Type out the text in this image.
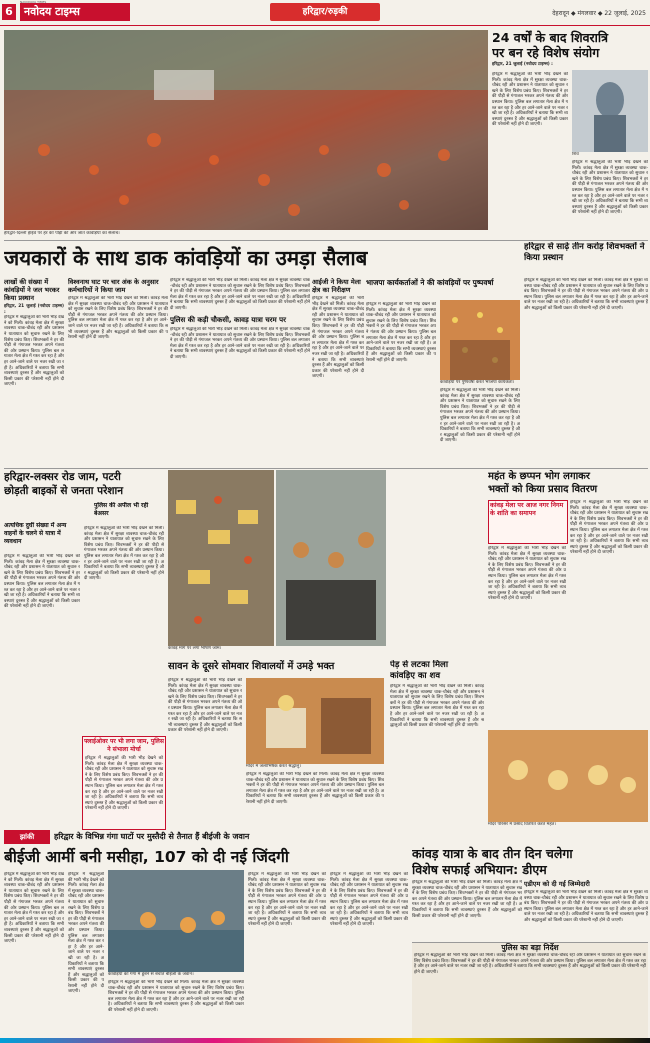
6	नवोदय टाइम्स
NAVODAYA TIMES
हरिद्वार/रुड़की	देहरादून ◆ मंगलवार ◆ 22 जुलाई, 2025
हरिद्वार-दिल्ली हाईवे पर हर की पौड़ी की ओर जाते कांवड़ियों का सैलाब।
24 वर्षों के बाद शिवरात्रि
पर बन रहे विशेष संयोग
हरिद्वार, 21 जुलाई (नवोदय टाइम्स) :
हरिद्वार में श्रद्धालुओं की भारी भीड़ देखने को मिली। कांवड़ मेला क्षेत्र में सुरक्षा व्यवस्था चाक-चौबंद रही और प्रशासन ने यातायात को सुचारु रखने के लिए विशेष प्रबंध किए। शिवभक्तों ने हर की पौड़ी से गंगाजल भरकर अपने गंतव्य की ओर प्रस्थान किया। पुलिस बल लगातार मेला क्षेत्र में गश्त कर रहा है और हर आने-जाने वाले पर नजर रखी जा रही है। अधिकारियों ने बताया कि सभी व्यवस्थाएं दुरुस्त हैं और श्रद्धालुओं को किसी प्रकार की परेशानी नहीं होने दी जाएगी।
शिव
हरिद्वार में श्रद्धालुओं की भारी भीड़ देखने को मिली। कांवड़ मेला क्षेत्र में सुरक्षा व्यवस्था चाक-चौबंद रही और प्रशासन ने यातायात को सुचारु रखने के लिए विशेष प्रबंध किए। शिवभक्तों ने हर की पौड़ी से गंगाजल भरकर अपने गंतव्य की ओर प्रस्थान किया। पुलिस बल लगातार मेला क्षेत्र में गश्त कर रहा है और हर आने-जाने वाले पर नजर रखी जा रही है। अधिकारियों ने बताया कि सभी व्यवस्थाएं दुरुस्त हैं और श्रद्धालुओं को किसी प्रकार की परेशानी नहीं होने दी जाएगी।
जयकारों के साथ डाक कांवड़ियों का उमड़ा सैलाब	हरिद्वार से साढ़े तीन करोड़ शिवभक्तों ने किया प्रस्थान
हरिद्वार में श्रद्धालुओं की भारी भीड़ देखने को मिली। कांवड़ मेला क्षेत्र में सुरक्षा व्यवस्था चाक-चौबंद रही और प्रशासन ने यातायात को सुचारु रखने के लिए विशेष प्रबंध किए। शिवभक्तों ने हर की पौड़ी से गंगाजल भरकर अपने गंतव्य की ओर प्रस्थान किया। पुलिस बल लगातार मेला क्षेत्र में गश्त कर रहा है और हर आने-जाने वाले पर नजर रखी जा रही है। अधिकारियों ने बताया कि सभी व्यवस्थाएं दुरुस्त हैं और श्रद्धालुओं को किसी प्रकार की परेशानी नहीं होने दी जाएगी।
लाखों की संख्या में कांवड़ियों ने जल भरकर किया प्रस्थान
हरिद्वार, 21 जुलाई (नवोदय टाइम्स) :
हरिद्वार में श्रद्धालुओं की भारी भीड़ देखने को मिली। कांवड़ मेला क्षेत्र में सुरक्षा व्यवस्था चाक-चौबंद रही और प्रशासन ने यातायात को सुचारु रखने के लिए विशेष प्रबंध किए। शिवभक्तों ने हर की पौड़ी से गंगाजल भरकर अपने गंतव्य की ओर प्रस्थान किया। पुलिस बल लगातार मेला क्षेत्र में गश्त कर रहा है और हर आने-जाने वाले पर नजर रखी जा रही है। अधिकारियों ने बताया कि सभी व्यवस्थाएं दुरुस्त हैं और श्रद्धालुओं को किसी प्रकार की परेशानी नहीं होने दी जाएगी।
विश्वनाथ घाट पर चार अंक के अनुसार कर्मचारियों ने किया जाम
हरिद्वार में श्रद्धालुओं की भारी भीड़ देखने को मिली। कांवड़ मेला क्षेत्र में सुरक्षा व्यवस्था चाक-चौबंद रही और प्रशासन ने यातायात को सुचारु रखने के लिए विशेष प्रबंध किए। शिवभक्तों ने हर की पौड़ी से गंगाजल भरकर अपने गंतव्य की ओर प्रस्थान किया। पुलिस बल लगातार मेला क्षेत्र में गश्त कर रहा है और हर आने-जाने वाले पर नजर रखी जा रही है। अधिकारियों ने बताया कि सभी व्यवस्थाएं दुरुस्त हैं और श्रद्धालुओं को किसी प्रकार की परेशानी नहीं होने दी जाएगी।
हरिद्वार में श्रद्धालुओं की भारी भीड़ देखने को मिली। कांवड़ मेला क्षेत्र में सुरक्षा व्यवस्था चाक-चौबंद रही और प्रशासन ने यातायात को सुचारु रखने के लिए विशेष प्रबंध किए। शिवभक्तों ने हर की पौड़ी से गंगाजल भरकर अपने गंतव्य की ओर प्रस्थान किया। पुलिस बल लगातार मेला क्षेत्र में गश्त कर रहा है और हर आने-जाने वाले पर नजर रखी जा रही है। अधिकारियों ने बताया कि सभी व्यवस्थाएं दुरुस्त हैं और श्रद्धालुओं को किसी प्रकार की परेशानी नहीं होने दी जाएगी।
पुलिस की कड़ी चौकसी, कावड़ यात्रा चरम पर
हरिद्वार में श्रद्धालुओं की भारी भीड़ देखने को मिली। कांवड़ मेला क्षेत्र में सुरक्षा व्यवस्था चाक-चौबंद रही और प्रशासन ने यातायात को सुचारु रखने के लिए विशेष प्रबंध किए। शिवभक्तों ने हर की पौड़ी से गंगाजल भरकर अपने गंतव्य की ओर प्रस्थान किया। पुलिस बल लगातार मेला क्षेत्र में गश्त कर रहा है और हर आने-जाने वाले पर नजर रखी जा रही है। अधिकारियों ने बताया कि सभी व्यवस्थाएं दुरुस्त हैं और श्रद्धालुओं को किसी प्रकार की परेशानी नहीं होने दी जाएगी।
आईजी ने किया मेला क्षेत्र का निरीक्षण
हरिद्वार में श्रद्धालुओं की भारी भीड़ देखने को मिली। कांवड़ मेला क्षेत्र में सुरक्षा व्यवस्था चाक-चौबंद रही और प्रशासन ने यातायात को सुचारु रखने के लिए विशेष प्रबंध किए। शिवभक्तों ने हर की पौड़ी से गंगाजल भरकर अपने गंतव्य की ओर प्रस्थान किया। पुलिस बल लगातार मेला क्षेत्र में गश्त कर रहा है और हर आने-जाने वाले पर नजर रखी जा रही है। अधिकारियों ने बताया कि सभी व्यवस्थाएं दुरुस्त हैं और श्रद्धालुओं को किसी प्रकार की परेशानी नहीं होने दी जाएगी।
भाजपा कार्यकर्ताओं ने की कांवड़ियों पर पुष्पवर्षा
हरिद्वार में श्रद्धालुओं की भारी भीड़ देखने को मिली। कांवड़ मेला क्षेत्र में सुरक्षा व्यवस्था चाक-चौबंद रही और प्रशासन ने यातायात को सुचारु रखने के लिए विशेष प्रबंध किए। शिवभक्तों ने हर की पौड़ी से गंगाजल भरकर अपने गंतव्य की ओर प्रस्थान किया। पुलिस बल लगातार मेला क्षेत्र में गश्त कर रहा है और हर आने-जाने वाले पर नजर रखी जा रही है। अधिकारियों ने बताया कि सभी व्यवस्थाएं दुरुस्त हैं और श्रद्धालुओं को किसी प्रकार की परेशानी नहीं होने दी जाएगी।
कांवड़ियों पर पुष्पवर्षा करते भाजपा कार्यकर्ता।
हरिद्वार में श्रद्धालुओं की भारी भीड़ देखने को मिली। कांवड़ मेला क्षेत्र में सुरक्षा व्यवस्था चाक-चौबंद रही और प्रशासन ने यातायात को सुचारु रखने के लिए विशेष प्रबंध किए। शिवभक्तों ने हर की पौड़ी से गंगाजल भरकर अपने गंतव्य की ओर प्रस्थान किया। पुलिस बल लगातार मेला क्षेत्र में गश्त कर रहा है और हर आने-जाने वाले पर नजर रखी जा रही है। अधिकारियों ने बताया कि सभी व्यवस्थाएं दुरुस्त हैं और श्रद्धालुओं को किसी प्रकार की परेशानी नहीं होने दी जाएगी।
हरिद्वार-लक्सर रोड जाम, पटरी
छोड़ती बाइकों से जनता परेशान
पुलिस की अपील भी रही बेअसर
अत्यधिक दुर्घी संख्या में अन्य वाहनों के चलने से यात्रा में व्यवधान
हरिद्वार में श्रद्धालुओं की भारी भीड़ देखने को मिली। कांवड़ मेला क्षेत्र में सुरक्षा व्यवस्था चाक-चौबंद रही और प्रशासन ने यातायात को सुचारु रखने के लिए विशेष प्रबंध किए। शिवभक्तों ने हर की पौड़ी से गंगाजल भरकर अपने गंतव्य की ओर प्रस्थान किया। पुलिस बल लगातार मेला क्षेत्र में गश्त कर रहा है और हर आने-जाने वाले पर नजर रखी जा रही है। अधिकारियों ने बताया कि सभी व्यवस्थाएं दुरुस्त हैं और श्रद्धालुओं को किसी प्रकार की परेशानी नहीं होने दी जाएगी।
हरिद्वार में श्रद्धालुओं की भारी भीड़ देखने को मिली। कांवड़ मेला क्षेत्र में सुरक्षा व्यवस्था चाक-चौबंद रही और प्रशासन ने यातायात को सुचारु रखने के लिए विशेष प्रबंध किए। शिवभक्तों ने हर की पौड़ी से गंगाजल भरकर अपने गंतव्य की ओर प्रस्थान किया। पुलिस बल लगातार मेला क्षेत्र में गश्त कर रहा है और हर आने-जाने वाले पर नजर रखी जा रही है। अधिकारियों ने बताया कि सभी व्यवस्थाएं दुरुस्त हैं और श्रद्धालुओं को किसी प्रकार की परेशानी नहीं होने दी जाएगी।
कांवड़ मार्ग पर लगा भीषण जाम।
महंत के छप्पन भोग लगाकर
भक्तों को किया प्रसाद वितरण
कांवड़ मेला पर आज नगर निगम के शांति का समापन
हरिद्वार में श्रद्धालुओं की भारी भीड़ देखने को मिली। कांवड़ मेला क्षेत्र में सुरक्षा व्यवस्था चाक-चौबंद रही और प्रशासन ने यातायात को सुचारु रखने के लिए विशेष प्रबंध किए। शिवभक्तों ने हर की पौड़ी से गंगाजल भरकर अपने गंतव्य की ओर प्रस्थान किया। पुलिस बल लगातार मेला क्षेत्र में गश्त कर रहा है और हर आने-जाने वाले पर नजर रखी जा रही है। अधिकारियों ने बताया कि सभी व्यवस्थाएं दुरुस्त हैं और श्रद्धालुओं को किसी प्रकार की परेशानी नहीं होने दी जाएगी।
हरिद्वार में श्रद्धालुओं की भारी भीड़ देखने को मिली। कांवड़ मेला क्षेत्र में सुरक्षा व्यवस्था चाक-चौबंद रही और प्रशासन ने यातायात को सुचारु रखने के लिए विशेष प्रबंध किए। शिवभक्तों ने हर की पौड़ी से गंगाजल भरकर अपने गंतव्य की ओर प्रस्थान किया। पुलिस बल लगातार मेला क्षेत्र में गश्त कर रहा है और हर आने-जाने वाले पर नजर रखी जा रही है। अधिकारियों ने बताया कि सभी व्यवस्थाएं दुरुस्त हैं और श्रद्धालुओं को किसी प्रकार की परेशानी नहीं होने दी जाएगी।
सावन के दूसरे सोमवार शिवालयों में उमड़े भक्त
मंदिर में जलाभिषेक करते श्रद्धालु।
हरिद्वार में श्रद्धालुओं की भारी भीड़ देखने को मिली। कांवड़ मेला क्षेत्र में सुरक्षा व्यवस्था चाक-चौबंद रही और प्रशासन ने यातायात को सुचारु रखने के लिए विशेष प्रबंध किए। शिवभक्तों ने हर की पौड़ी से गंगाजल भरकर अपने गंतव्य की ओर प्रस्थान किया। पुलिस बल लगातार मेला क्षेत्र में गश्त कर रहा है और हर आने-जाने वाले पर नजर रखी जा रही है। अधिकारियों ने बताया कि सभी व्यवस्थाएं दुरुस्त हैं और श्रद्धालुओं को किसी प्रकार की परेशानी नहीं होने दी जाएगी।
हरिद्वार में श्रद्धालुओं की भारी भीड़ देखने को मिली। कांवड़ मेला क्षेत्र में सुरक्षा व्यवस्था चाक-चौबंद रही और प्रशासन ने यातायात को सुचारु रखने के लिए विशेष प्रबंध किए। शिवभक्तों ने हर की पौड़ी से गंगाजल भरकर अपने गंतव्य की ओर प्रस्थान किया। पुलिस बल लगातार मेला क्षेत्र में गश्त कर रहा है और हर आने-जाने वाले पर नजर रखी जा रही है। अधिकारियों ने बताया कि सभी व्यवस्थाएं दुरुस्त हैं और श्रद्धालुओं को किसी प्रकार की परेशानी नहीं होने दी जाएगी।
फ्लाईओवर पर भी लगा जाम, पुलिस ने संभाला मोर्चा
हरिद्वार में श्रद्धालुओं की भारी भीड़ देखने को मिली। कांवड़ मेला क्षेत्र में सुरक्षा व्यवस्था चाक-चौबंद रही और प्रशासन ने यातायात को सुचारु रखने के लिए विशेष प्रबंध किए। शिवभक्तों ने हर की पौड़ी से गंगाजल भरकर अपने गंतव्य की ओर प्रस्थान किया। पुलिस बल लगातार मेला क्षेत्र में गश्त कर रहा है और हर आने-जाने वाले पर नजर रखी जा रही है। अधिकारियों ने बताया कि सभी व्यवस्थाएं दुरुस्त हैं और श्रद्धालुओं को किसी प्रकार की परेशानी नहीं होने दी जाएगी।
पेड़ से लटका मिला
कांवड़िए का शव
हरिद्वार में श्रद्धालुओं की भारी भीड़ देखने को मिली। कांवड़ मेला क्षेत्र में सुरक्षा व्यवस्था चाक-चौबंद रही और प्रशासन ने यातायात को सुचारु रखने के लिए विशेष प्रबंध किए। शिवभक्तों ने हर की पौड़ी से गंगाजल भरकर अपने गंतव्य की ओर प्रस्थान किया। पुलिस बल लगातार मेला क्षेत्र में गश्त कर रहा है और हर आने-जाने वाले पर नजर रखी जा रही है। अधिकारियों ने बताया कि सभी व्यवस्थाएं दुरुस्त हैं और श्रद्धालुओं को किसी प्रकार की परेशानी नहीं होने दी जाएगी।
मंदिर परिसर में प्रसाद वितरित करते महंत।
झांकी	हरिद्वार के विभिन्न गंगा घाटों पर मुस्तैदी से तैनात हैं बीईजी के जवान
बीईजी आर्मी बनी मसीहा, 107 को दी नई जिंदगी
हरिद्वार में श्रद्धालुओं की भारी भीड़ देखने को मिली। कांवड़ मेला क्षेत्र में सुरक्षा व्यवस्था चाक-चौबंद रही और प्रशासन ने यातायात को सुचारु रखने के लिए विशेष प्रबंध किए। शिवभक्तों ने हर की पौड़ी से गंगाजल भरकर अपने गंतव्य की ओर प्रस्थान किया। पुलिस बल लगातार मेला क्षेत्र में गश्त कर रहा है और हर आने-जाने वाले पर नजर रखी जा रही है। अधिकारियों ने बताया कि सभी व्यवस्थाएं दुरुस्त हैं और श्रद्धालुओं को किसी प्रकार की परेशानी नहीं होने दी जाएगी।
हरिद्वार में श्रद्धालुओं की भारी भीड़ देखने को मिली। कांवड़ मेला क्षेत्र में सुरक्षा व्यवस्था चाक-चौबंद रही और प्रशासन ने यातायात को सुचारु रखने के लिए विशेष प्रबंध किए। शिवभक्तों ने हर की पौड़ी से गंगाजल भरकर अपने गंतव्य की ओर प्रस्थान किया। पुलिस बल लगातार मेला क्षेत्र में गश्त कर रहा है और हर आने-जाने वाले पर नजर रखी जा रही है। अधिकारियों ने बताया कि सभी व्यवस्थाएं दुरुस्त हैं और श्रद्धालुओं को किसी प्रकार की परेशानी नहीं होने दी जाएगी।
कांवड़ियों को गंगा में डूबने से बचाते बीईजी के जवान।
हरिद्वार में श्रद्धालुओं की भारी भीड़ देखने को मिली। कांवड़ मेला क्षेत्र में सुरक्षा व्यवस्था चाक-चौबंद रही और प्रशासन ने यातायात को सुचारु रखने के लिए विशेष प्रबंध किए। शिवभक्तों ने हर की पौड़ी से गंगाजल भरकर अपने गंतव्य की ओर प्रस्थान किया। पुलिस बल लगातार मेला क्षेत्र में गश्त कर रहा है और हर आने-जाने वाले पर नजर रखी जा रही है। अधिकारियों ने बताया कि सभी व्यवस्थाएं दुरुस्त हैं और श्रद्धालुओं को किसी प्रकार की परेशानी नहीं होने दी जाएगी।
हरिद्वार में श्रद्धालुओं की भारी भीड़ देखने को मिली। कांवड़ मेला क्षेत्र में सुरक्षा व्यवस्था चाक-चौबंद रही और प्रशासन ने यातायात को सुचारु रखने के लिए विशेष प्रबंध किए। शिवभक्तों ने हर की पौड़ी से गंगाजल भरकर अपने गंतव्य की ओर प्रस्थान किया। पुलिस बल लगातार मेला क्षेत्र में गश्त कर रहा है और हर आने-जाने वाले पर नजर रखी जा रही है। अधिकारियों ने बताया कि सभी व्यवस्थाएं दुरुस्त हैं और श्रद्धालुओं को किसी प्रकार की परेशानी नहीं होने दी जाएगी।
हरिद्वार में श्रद्धालुओं की भारी भीड़ देखने को मिली। कांवड़ मेला क्षेत्र में सुरक्षा व्यवस्था चाक-चौबंद रही और प्रशासन ने यातायात को सुचारु रखने के लिए विशेष प्रबंध किए। शिवभक्तों ने हर की पौड़ी से गंगाजल भरकर अपने गंतव्य की ओर प्रस्थान किया। पुलिस बल लगातार मेला क्षेत्र में गश्त कर रहा है और हर आने-जाने वाले पर नजर रखी जा रही है। अधिकारियों ने बताया कि सभी व्यवस्थाएं दुरुस्त हैं और श्रद्धालुओं को किसी प्रकार की परेशानी नहीं होने दी जाएगी।
कांवड़ यात्रा के बाद तीन दिन चलेगा
विशेष सफाई अभियान: डीएम
हरिद्वार में श्रद्धालुओं की भारी भीड़ देखने को मिली। कांवड़ मेला क्षेत्र में सुरक्षा व्यवस्था चाक-चौबंद रही और प्रशासन ने यातायात को सुचारु रखने के लिए विशेष प्रबंध किए। शिवभक्तों ने हर की पौड़ी से गंगाजल भरकर अपने गंतव्य की ओर प्रस्थान किया। पुलिस बल लगातार मेला क्षेत्र में गश्त कर रहा है और हर आने-जाने वाले पर नजर रखी जा रही है। अधिकारियों ने बताया कि सभी व्यवस्थाएं दुरुस्त हैं और श्रद्धालुओं को किसी प्रकार की परेशानी नहीं होने दी जाएगी।
एडीएम को दी गई जिम्मेदारी
हरिद्वार में श्रद्धालुओं की भारी भीड़ देखने को मिली। कांवड़ मेला क्षेत्र में सुरक्षा व्यवस्था चाक-चौबंद रही और प्रशासन ने यातायात को सुचारु रखने के लिए विशेष प्रबंध किए। शिवभक्तों ने हर की पौड़ी से गंगाजल भरकर अपने गंतव्य की ओर प्रस्थान किया। पुलिस बल लगातार मेला क्षेत्र में गश्त कर रहा है और हर आने-जाने वाले पर नजर रखी जा रही है। अधिकारियों ने बताया कि सभी व्यवस्थाएं दुरुस्त हैं और श्रद्धालुओं को किसी प्रकार की परेशानी नहीं होने दी जाएगी।
पुलिस का बड़ा निर्देश
हरिद्वार में श्रद्धालुओं की भारी भीड़ देखने को मिली। कांवड़ मेला क्षेत्र में सुरक्षा व्यवस्था चाक-चौबंद रही और प्रशासन ने यातायात को सुचारु रखने के लिए विशेष प्रबंध किए। शिवभक्तों ने हर की पौड़ी से गंगाजल भरकर अपने गंतव्य की ओर प्रस्थान किया। पुलिस बल लगातार मेला क्षेत्र में गश्त कर रहा है और हर आने-जाने वाले पर नजर रखी जा रही है। अधिकारियों ने बताया कि सभी व्यवस्थाएं दुरुस्त हैं और श्रद्धालुओं को किसी प्रकार की परेशानी नहीं होने दी जाएगी।
